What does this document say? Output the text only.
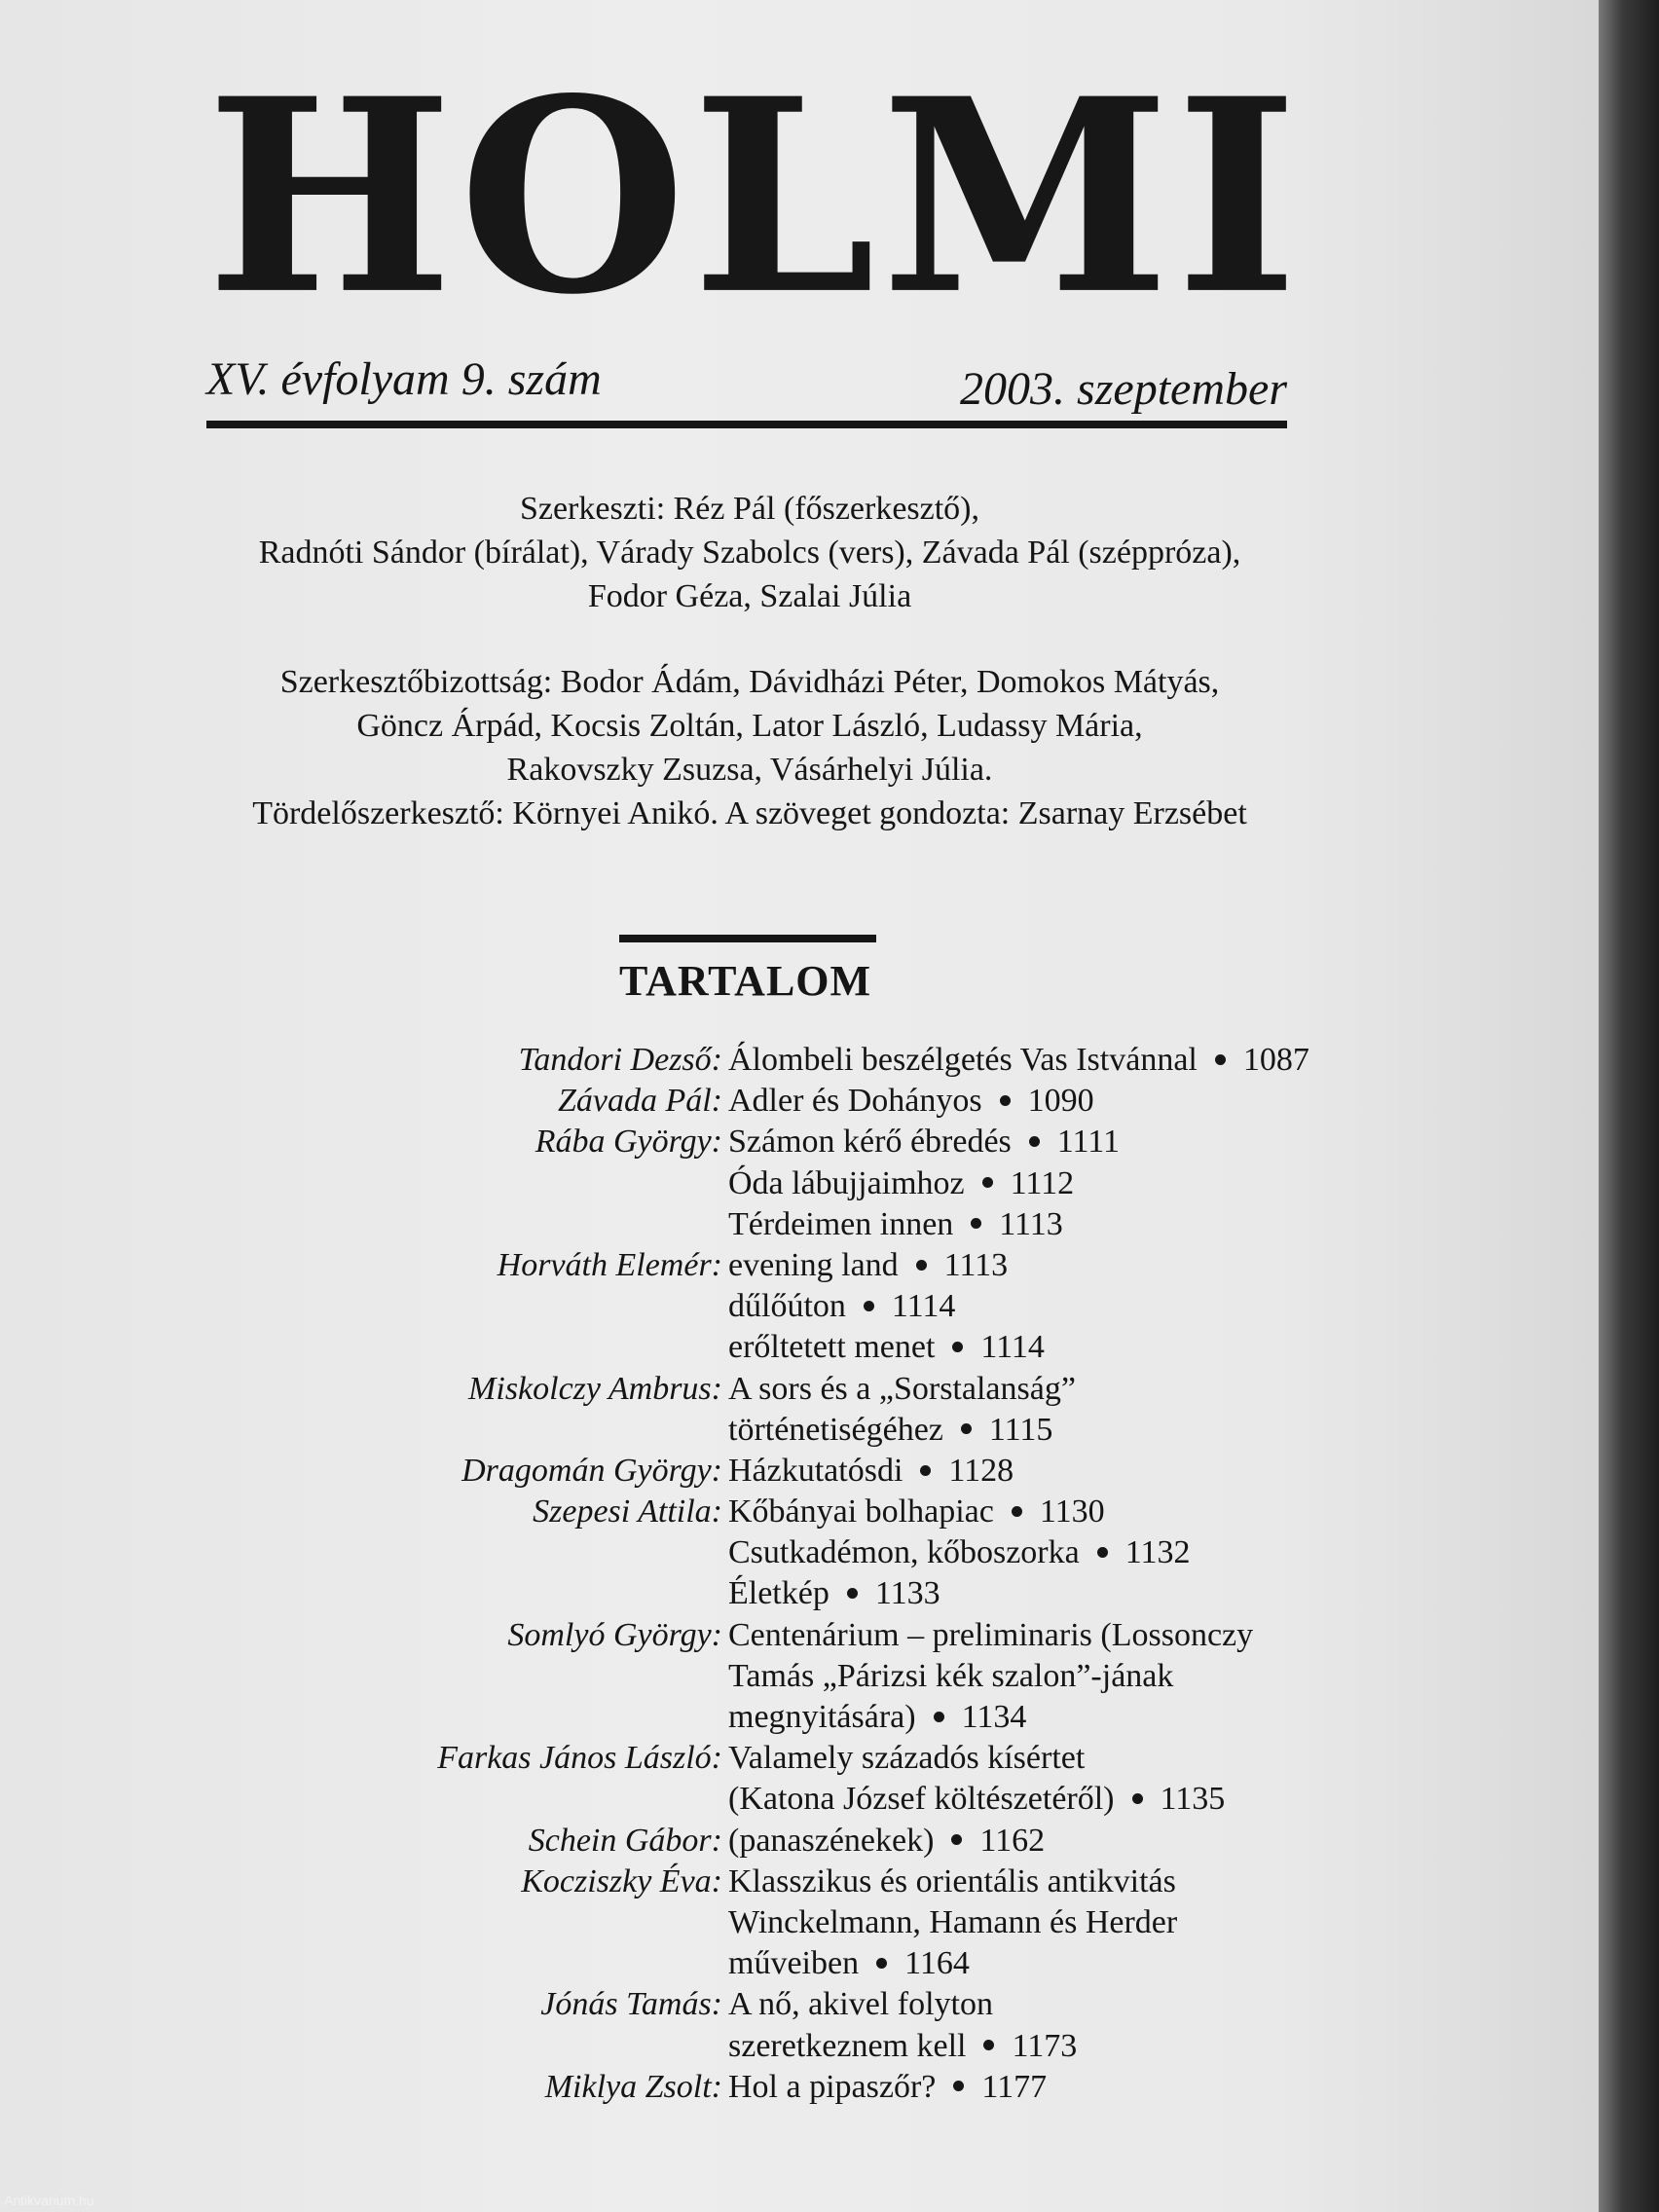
HOLMI
XV. évfolyam 9. szám	2003. szeptember

Szerkeszti: Réz Pál (főszerkesztő),

Radnóti Sándor (bírálat), Várady Szabolcs (vers), Závada Pál (széppróza),

Fodor Géza, Szalai Júlia

Szerkesztőbizottság: Bodor Ádám, Dávidházi Péter, Domokos Mátyás,

Göncz Árpád, Kocsis Zoltán, Lator László, Ludassy Mária,

Rakovszky Zsuzsa, Vásárhelyi Júlia.

Tördelőszerkesztő: Környei Anikó. A szöveget gondozta: Zsarnay Erzsébet

TARTALOM
Tandori Dezső: Álombeli beszélgetés Vas Istvánnal 1087
Závada Pál: Adler és Dohányos 1090
Rába György: Számon kérő ébredés 1111
Óda lábujjaimhoz 1112
Térdeimen innen 1113
Horváth Elemér: evening land 1113
dűlőúton 1114
erőltetett menet 1114
Miskolczy Ambrus: A sors és a „Sorstalanság”
történetiségéhez 1115
Dragomán György: Házkutatósdi 1128
Szepesi Attila: Kőbányai bolhapiac 1130
Csutkadémon, kőboszorka 1132
Életkép 1133
Somlyó György: Centenárium – preliminaris (Lossonczy
Tamás „Párizsi kék szalon”-jának
megnyitására) 1134
Farkas János László: Valamely századós kísértet
(Katona József költészetéről) 1135
Schein Gábor: (panaszénekek) 1162
Kocziszky Éva: Klasszikus és orientális antikvitás
Winckelmann, Hamann és Herder
műveiben 1164
Jónás Tamás: A nő, akivel folyton
szeretkeznem kell 1173
Miklya Zsolt: Hol a pipaszőr? 1177
Antikvarium.hu
